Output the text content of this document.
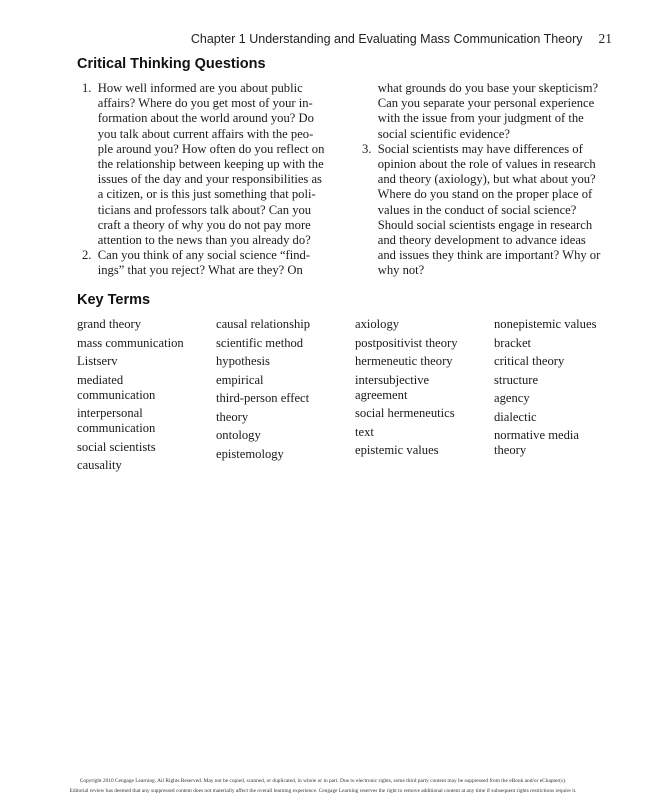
Chapter 1 Understanding and Evaluating Mass Communication Theory 21
Critical Thinking Questions
1.  How well informed are you about public
affairs? Where do you get most of your in-
formation about the world around you? Do
you talk about current affairs with the peo-
ple around you? How often do you reflect on
the relationship between keeping up with the
issues of the day and your responsibilities as
a citizen, or is this just something that poli-
ticians and professors talk about? Can you
craft a theory of why you do not pay more
attention to the news than you already do?
2.  Can you think of any social science “find-
ings” that you reject? What are they? On
what grounds do you base your skepticism?
Can you separate your personal experience
with the issue from your judgment of the
social scientific evidence?
3.  Social scientists may have differences of
opinion about the role of values in research
and theory (axiology), but what about you?
Where do you stand on the proper place of
values in the conduct of social science?
Should social scientists engage in research
and theory development to advance ideas
and issues they think are important? Why or
why not?
Key Terms
grand theory
mass communication
Listserv
mediated
communication
interpersonal
communication
social scientists
causality
causal relationship
scientific method
hypothesis
empirical
third-person effect
theory
ontology
epistemology
axiology
postpositivist theory
hermeneutic theory
intersubjective
agreement
social hermeneutics
text
epistemic values
nonepistemic values
bracket
critical theory
structure
agency
dialectic
normative media
theory
Copyright 2010 Cengage Learning. All Rights Reserved. May not be copied, scanned, or duplicated, in whole or in part. Due to electronic rights, some third party content may be suppressed from the eBook and/or eChapter(s).
Editorial review has deemed that any suppressed content does not materially affect the overall learning experience. Cengage Learning reserves the right to remove additional content at any time if subsequent rights restrictions require it.
